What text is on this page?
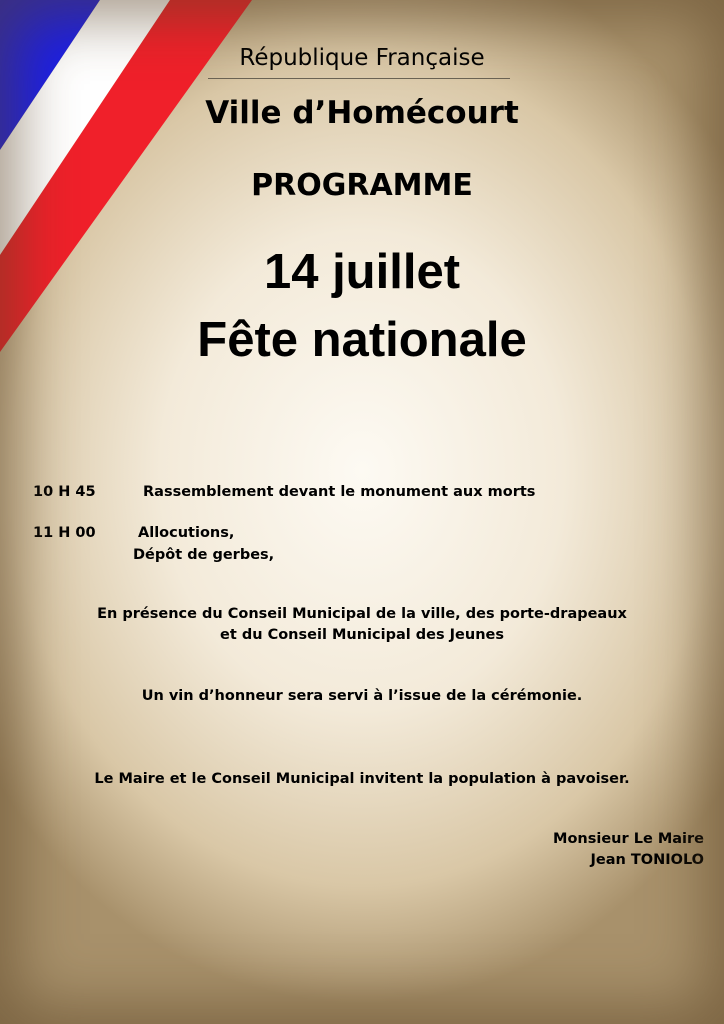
République Française
Ville d’Homécourt
PROGRAMME
14 juillet
Fête nationale
10 H 45	Rassemblement devant le monument aux morts
11 H 00	Allocutions,
Dépôt de gerbes,
En présence du Conseil Municipal de la ville, des porte-drapeaux
et du Conseil Municipal des Jeunes
Un vin d’honneur sera servi à l’issue de la cérémonie.
Le Maire et le Conseil Municipal invitent la population à pavoiser.
Monsieur Le Maire
Jean TONIOLO
